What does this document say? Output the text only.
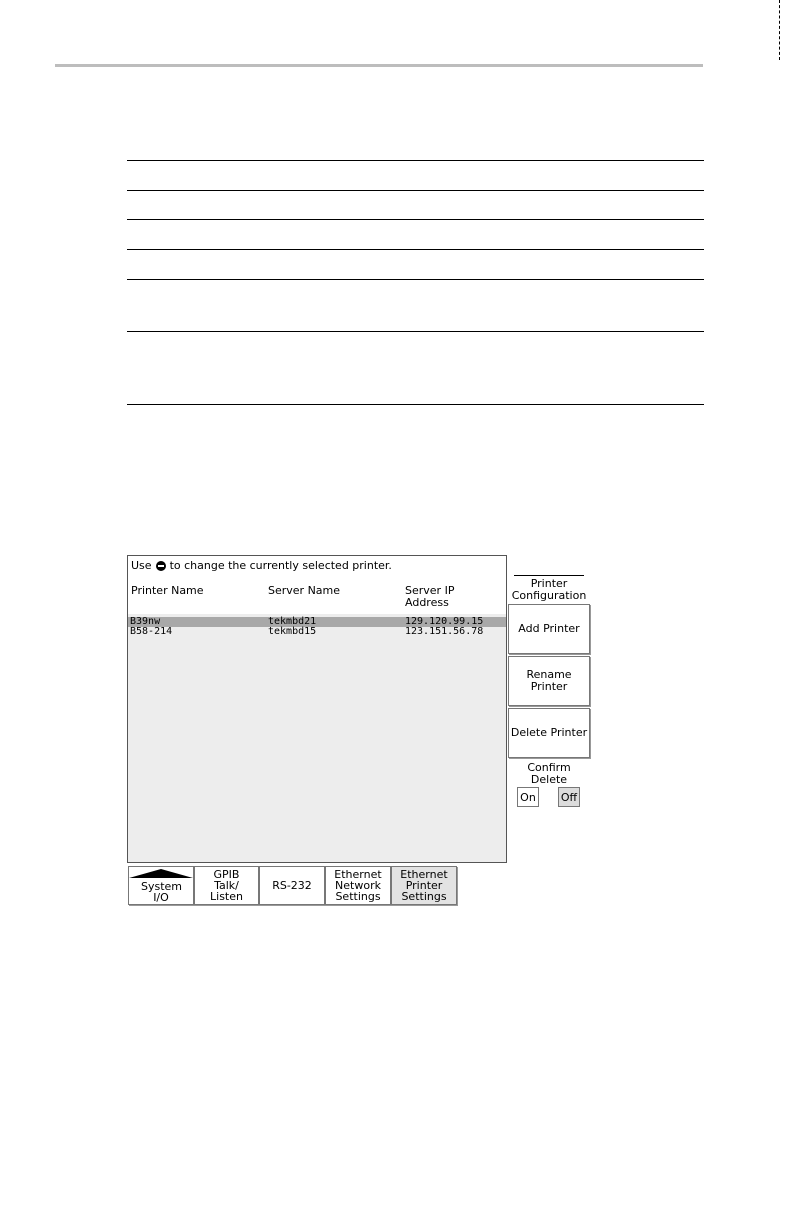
Use to change the currently selected printer.
Printer Name	Server Name	Server IP Address
B39nw	tekmbd21	129.120.99.15
B58-214	tekmbd15	123.151.56.78
Printer Configuration
Add Printer
Rename Printer
Delete Printer
Confirm Delete
On Off
System I/O
GPIB Talk/ Listen
RS-232
Ethernet Network Settings
Ethernet Printer Settings
